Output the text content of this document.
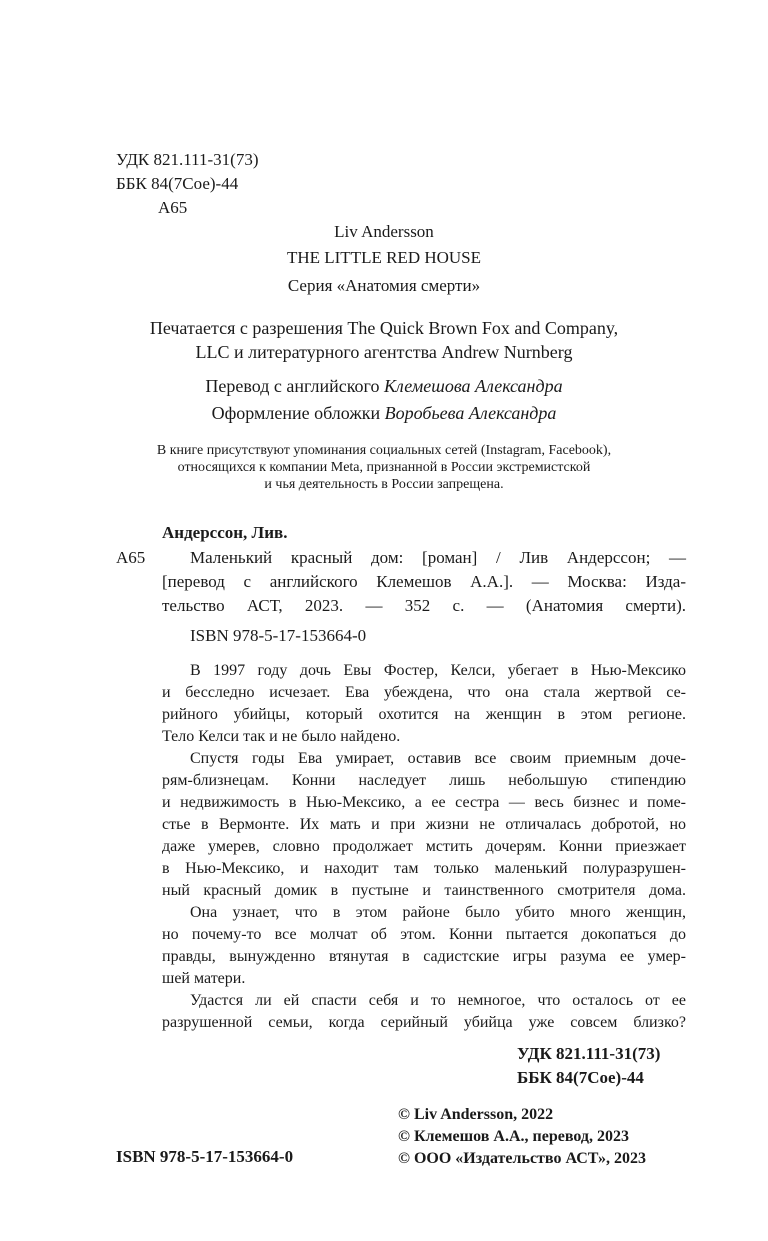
УДК 821.111-31(73)
ББК 84(7Сое)-44
А65
Liv Andersson
THE LITTLE RED HOUSE
Серия «Анатомия смерти»
Печатается с разрешения The Quick Brown Fox and Company,
LLC и литературного агентства Andrew Nurnberg
Перевод с английского Клемешова Александра
Оформление обложки Воробьева Александра
В книге присутствуют упоминания социальных сетей (Instagram, Facebook),
относящихся к компании Meta, признанной в России экстремистской
и чья деятельность в России запрещена.
Андерссон, Лив.
А65	Маленький красный дом: [роман] / Лив Андерссон; —
[перевод с английского Клемешов А.А.]. — Москва: Изда-
тельство АСТ, 2023. — 352 с. — (Анатомия смерти).
ISBN 978-5-17-153664-0
В 1997 году дочь Евы Фостер, Келси, убегает в Нью-Мексико
и бесследно исчезает. Ева убеждена, что она стала жертвой се-
рийного убийцы, который охотится на женщин в этом регионе.
Тело Келси так и не было найдено.
Спустя годы Ева умирает, оставив все своим приемным доче-
рям-близнецам. Конни наследует лишь небольшую стипендию
и недвижимость в Нью-Мексико, а ее сестра — весь бизнес и поме-
стье в Вермонте. Их мать и при жизни не отличалась добротой, но
даже умерев, словно продолжает мстить дочерям. Конни приезжает
в Нью-Мексико, и находит там только маленький полуразрушен-
ный красный домик в пустыне и таинственного смотрителя дома.
Она узнает, что в этом районе было убито много женщин,
но почему-то все молчат об этом. Конни пытается докопаться до
правды, вынужденно втянутая в садистские игры разума ее умер-
шей матери.
Удастся ли ей спасти себя и то немногое, что осталось от ее
разрушенной семьи, когда серийный убийца уже совсем близко?
УДК 821.111-31(73)
ББК 84(7Сое)-44
© Liv Andersson, 2022
© Клемешов А.А., перевод, 2023
© ООО «Издательство АСТ», 2023
ISBN 978-5-17-153664-0
